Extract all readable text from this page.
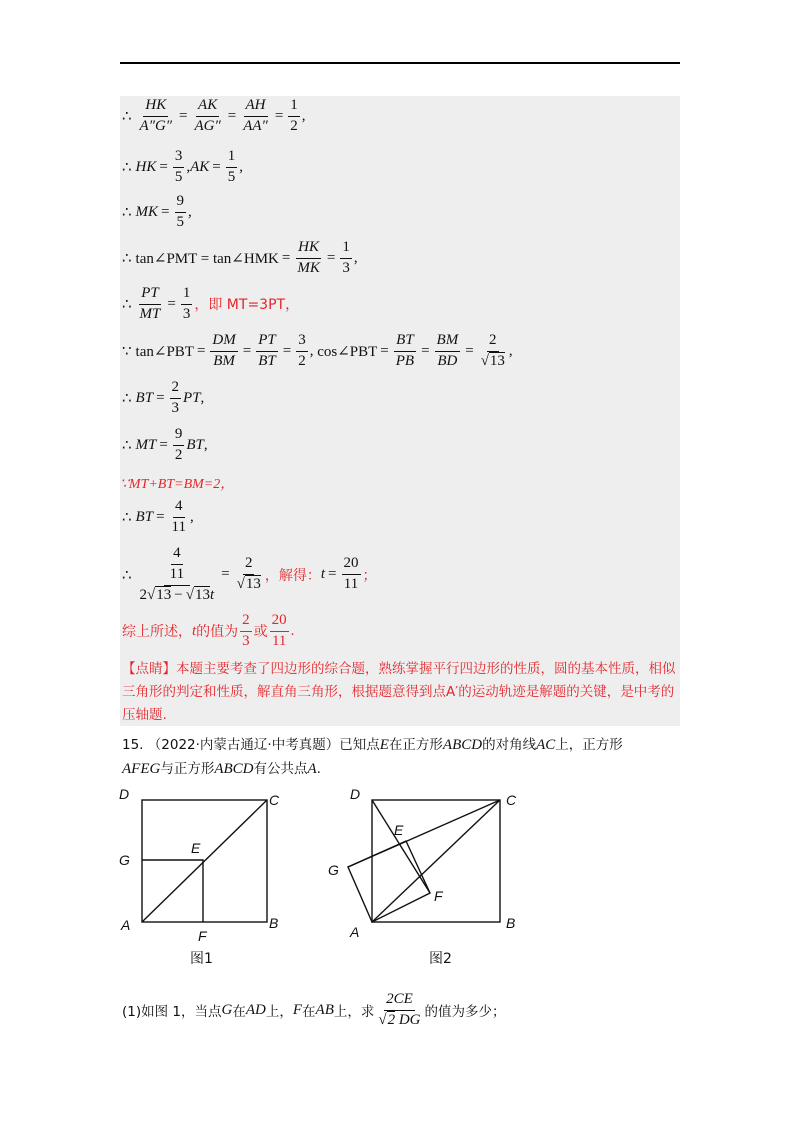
∴ $\frac{HK}{A''G''} = \frac{AK}{AG''} = \frac{AH}{AA''} = \frac{1}{2}$ ,
∴ HK = $\frac{3}{5}$ , AK = $\frac{1}{5}$ ,
∴ MK = $\frac{9}{5}$ ,
∴ tan∠PMT = tan∠HMK = $\frac{HK}{MK} = \frac{1}{3}$ ,
∴ $\frac{PT}{MT} = \frac{1}{3}$ ，即 MT=3PT，
∵ tan∠PBT = $\frac{DM}{BM} = \frac{PT}{BT} = \frac{3}{2}$ , cos∠PBT = $\frac{BT}{PB} = \frac{BM}{BD} = \frac{2}{√13}$ ,
∴ BT = $\frac{2}{3}$ PT ,
∴ MT = $\frac{9}{2}$ BT ,
∵MT+BT=BM=2，
∴ BT = $\frac{4}{11}$ ,
∴ $\frac{\frac{4}{11}}{2√13 - √13t} = \frac{2}{√13}$ ，解得： $t = \frac{20}{11}$ ；
综上所述， t 的值为 $\frac{2}{3}$ 或 $\frac{20}{11}$ .
【点睛】本题主要考查了四边形的综合题，熟练掌握平行四边形的性质，圆的基本性质，相似三角形的判定和性质，解直角三角形，根据题意得到点A′的运动轨迹是解题的关键，是中考的压轴题.
15. （2022·内蒙古通辽·中考真题）已知点E在正方形ABCD的对角线AC上，正方形
AFEG与正方形ABCD有公共点A.
D	C
E
G
A
F
B
图1
D	C
E
G
A
F
B
图2
(1)如图 1，当点 G 在 AD 上， F 在 AB 上，求 $\frac{2CE}{√2 DG}$ 的值为多少；
